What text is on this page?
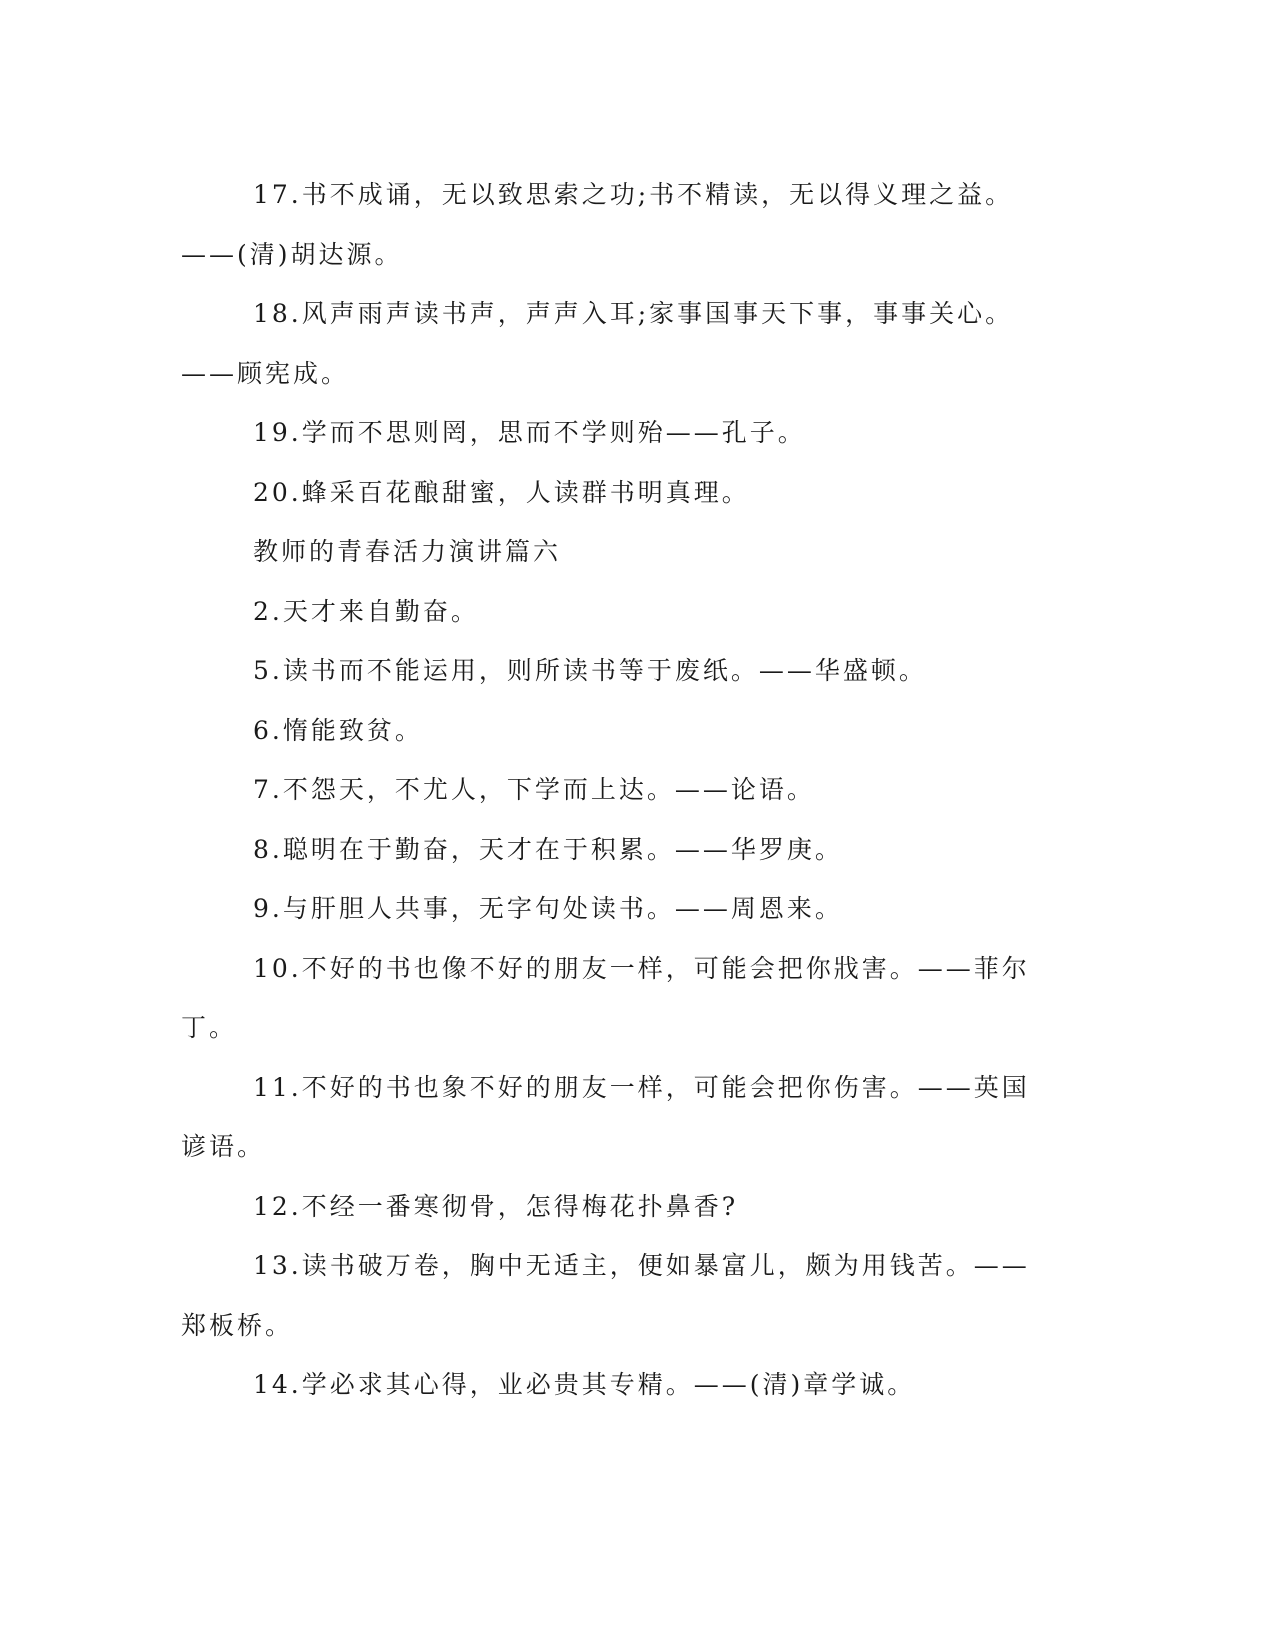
17.书不成诵，无以致思索之功;书不精读，无以得义理之益。——(清)胡达源。

18.风声雨声读书声，声声入耳;家事国事天下事，事事关心。——顾宪成。

19.学而不思则罔，思而不学则殆——孔子。

20.蜂采百花酿甜蜜，人读群书明真理。

教师的青春活力演讲篇六

2.天才来自勤奋。

5.读书而不能运用，则所读书等于废纸。——华盛顿。

6.惰能致贫。

7.不怨天，不尤人，下学而上达。——论语。

8.聪明在于勤奋，天才在于积累。——华罗庚。

9.与肝胆人共事，无字句处读书。——周恩来。

10.不好的书也像不好的朋友一样，可能会把你戕害。——菲尔丁。

11.不好的书也象不好的朋友一样，可能会把你伤害。——英国谚语。

12.不经一番寒彻骨，怎得梅花扑鼻香?

13.读书破万卷，胸中无适主，便如暴富儿，颇为用钱苦。——郑板桥。

14.学必求其心得，业必贵其专精。——(清)章学诚。
